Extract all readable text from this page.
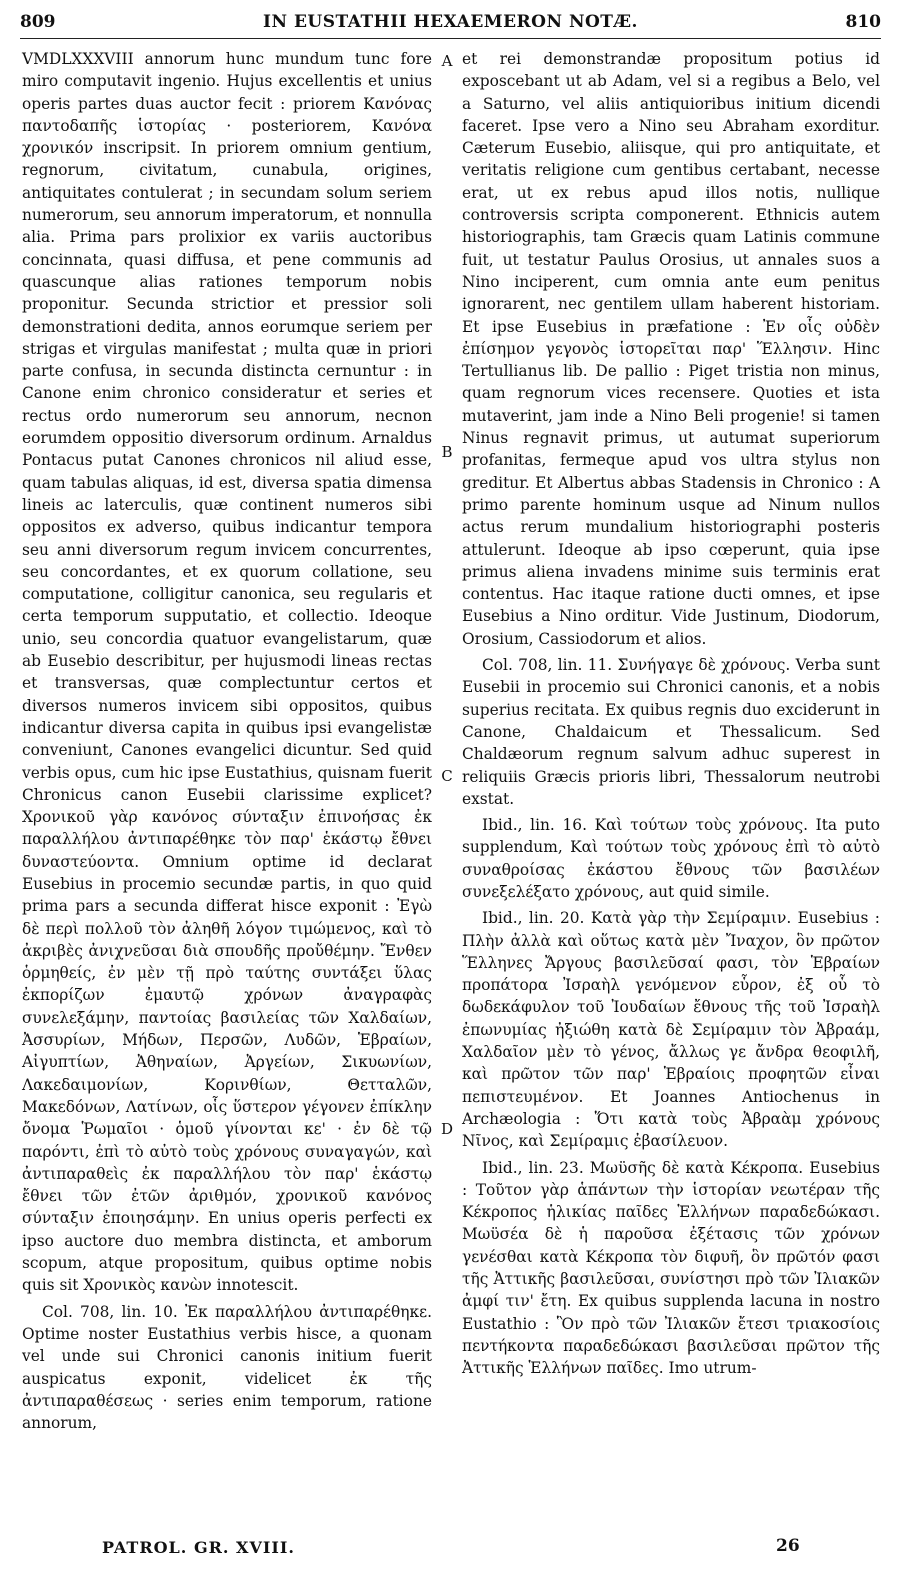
809	IN EUSTATHII HEXAEMERON NOTÆ.	810

VMDLXXXVIII annorum hunc mundum tunc fore miro computavit ingenio. Hujus excellentis et unius operis partes duas auctor fecit : priorem Κανόνας παντοδαπῆς ἱστορίας · posteriorem, Κανόνα χρονικόν inscripsit. In priorem omnium gentium, regnorum, civitatum, cunabula, origines, antiquitates contulerat ; in secundam solum seriem numerorum, seu annorum imperatorum, et nonnulla alia. Prima pars prolixior ex variis auctoribus concinnata, quasi diffusa, et pene communis ad quascunque alias rationes temporum nobis proponitur. Secunda strictior et pressior soli demonstrationi dedita, annos eorumque seriem per strigas et virgulas manifestat ; multa quæ in priori parte confusa, in secunda distincta cernuntur : in Canone enim chronico consideratur et series et rectus ordo numerorum seu annorum, necnon eorumdem oppositio diversorum ordinum. Arnaldus Pontacus putat Canones chronicos nil aliud esse, quam tabulas aliquas, id est, diversa spatia dimensa lineis ac laterculis, quæ continent numeros sibi oppositos ex adverso, quibus indicantur tempora seu anni diversorum regum invicem concurrentes, seu concordantes, et ex quorum collatione, seu computatione, colligitur canonica, seu regularis et certa temporum supputatio, et collectio. Ideoque unio, seu concordia quatuor evangelistarum, quæ ab Eusebio describitur, per hujusmodi lineas rectas et transversas, quæ complectuntur certos et diversos numeros invicem sibi oppositos, quibus indicantur diversa capita in quibus ipsi evangelistæ conveniunt, Canones evangelici dicuntur. Sed quid verbis opus, cum hic ipse Eustathius, quisnam fuerit Chronicus canon Eusebii clarissime explicet? Χρονικοῦ γὰρ κανόνος σύνταξιν ἐπινοήσας ἐκ παραλλήλου ἀντιπαρέθηκε τὸν παρ' ἑκάστῳ ἔθνει δυναστεύοντα. Omnium optime id declarat Eusebius in procemio secundæ partis, in quo quid prima pars a secunda differat hisce exponit : Ἐγὼ δὲ περὶ πολλοῦ τὸν ἀληθῆ λόγον τιμώμενος, καὶ τὸ ἀκριβὲς ἀνιχνεῦσαι διὰ σπουδῆς προὔθέμην. Ἔνθεν ὁρμηθείς, ἐν μὲν τῇ πρὸ ταύτης συντάξει ὕλας ἐκπορίζων ἐμαυτῷ χρόνων ἀναγραφὰς συνελεξάμην, παντοίας βασιλείας τῶν Χαλδαίων, Ἀσσυρίων, Μήδων, Περσῶν, Λυδῶν, Ἑβραίων, Αἰγυπτίων, Ἀθηναίων, Ἀργείων, Σικυωνίων, Λακεδαιμονίων, Κορινθίων, Θετταλῶν, Μακεδόνων, Λατίνων, οἷς ὕστερον γέγονεν ἐπίκλην ὄνομα Ῥωμαῖοι · ὁμοῦ γίνονται κε' · ἐν δὲ τῷ παρόντι, ἐπὶ τὸ αὐτὸ τοὺς χρόνους συναγαγών, καὶ ἀντιπαραθεὶς ἐκ παραλλήλου τὸν παρ' ἑκάστῳ ἔθνει τῶν ἐτῶν ἀριθμόν, χρονικοῦ κανόνος σύνταξιν ἐποιησάμην. En unius operis perfecti ex ipso auctore duo membra distincta, et amborum scopum, atque propositum, quibus optime nobis quis sit Χρονικὸς κανὼν innotescit.

Col. 708, lin. 10. Ἐκ παραλλήλου ἀντιπαρέθηκε. Optime noster Eustathius verbis hisce, a quonam vel unde sui Chronici canonis initium fuerit auspicatus exponit, videlicet ἐκ τῆς ἀντιπαραθέσεως · series enim temporum, ratione annorum,

A
B
C
D

et rei demonstrandæ propositum potius id exposcebant ut ab Adam, vel si a regibus a Belo, vel a Saturno, vel aliis antiquioribus initium dicendi faceret. Ipse vero a Nino seu Abraham exorditur. Cæterum Eusebio, aliisque, qui pro antiquitate, et veritatis religione cum gentibus certabant, necesse erat, ut ex rebus apud illos notis, nullique controversis scripta componerent. Ethnicis autem historiographis, tam Græcis quam Latinis commune fuit, ut testatur Paulus Orosius, ut annales suos a Nino inciperent, cum omnia ante eum penitus ignorarent, nec gentilem ullam haberent historiam. Et ipse Eusebius in præfatione : Ἐν οἷς οὐδὲν ἐπίσημον γεγονὸς ἱστορεῖται παρ' Ἕλλησιν. Hinc Tertullianus lib. De pallio : Piget tristia non minus, quam regnorum vices recensere. Quoties et ista mutaverint, jam inde a Nino Beli progenie! si tamen Ninus regnavit primus, ut autumat superiorum profanitas, fermeque apud vos ultra stylus non greditur. Et Albertus abbas Stadensis in Chronico : A primo parente hominum usque ad Ninum nullos actus rerum mundalium historiographi posteris attulerunt. Ideoque ab ipso cœperunt, quia ipse primus aliena invadens minime suis terminis erat contentus. Hac itaque ratione ducti omnes, et ipse Eusebius a Nino orditur. Vide Justinum, Diodorum, Orosium, Cassiodorum et alios.

Col. 708, lin. 11. Συνήγαγε δὲ χρόνους. Verba sunt Eusebii in procemio sui Chronici canonis, et a nobis superius recitata. Ex quibus regnis duo exciderunt in Canone, Chaldaicum et Thessalicum. Sed Chaldæorum regnum salvum adhuc superest in reliquiis Græcis prioris libri, Thessalorum neutrobi exstat.

Ibid., lin. 16. Καὶ τούτων τοὺς χρόνους. Ita puto supplendum, Καὶ τούτων τοὺς χρόνους ἐπὶ τὸ αὐτὸ συναθροίσας ἑκάστου ἔθνους τῶν βασιλέων συνεξελέξατο χρόνους, aut quid simile.

Ibid., lin. 20. Κατὰ γὰρ τὴν Σεμίραμιν. Eusebius : Πλὴν ἀλλὰ καὶ οὕτως κατὰ μὲν Ἴναχον, ὃν πρῶτον Ἕλληνες Ἄργους βασιλεῦσαί φασι, τὸν Ἑβραίων προπάτορα Ἰσραὴλ γενόμενον εὗρον, ἐξ οὗ τὸ δωδεκάφυλον τοῦ Ἰουδαίων ἔθνους τῆς τοῦ Ἰσραὴλ ἐπωνυμίας ἠξιώθη κατὰ δὲ Σεμίραμιν τὸν Ἀβραάμ, Χαλδαῖον μὲν τὸ γένος, ἄλλως γε ἄνδρα θεοφιλῆ, καὶ πρῶτον τῶν παρ' Ἑβραίοις προφητῶν εἶναι πεπιστευμένον. Et Joannes Antiochenus in Archæologia : Ὅτι κατὰ τοὺς Ἀβραὰμ χρόνους Νῖνος, καὶ Σεμίραμις ἐβασίλευον.

Ibid., lin. 23. Μωϋσῆς δὲ κατὰ Κέκροπα. Eusebius : Τοῦτον γὰρ ἁπάντων τὴν ἱστορίαν νεωτέραν τῆς Κέκροπος ἡλικίας παῖδες Ἑλλήνων παραδεδώκασι. Μωϋσέα δὲ ἡ παροῦσα ἐξέτασις τῶν χρόνων γενέσθαι κατὰ Κέκροπα τὸν διφυῆ, ὃν πρῶτόν φασι τῆς Ἀττικῆς βασιλεῦσαι, συνίστησι πρὸ τῶν Ἰλιακῶν ἀμφί τιν' ἔτη. Ex quibus supplenda lacuna in nostro Eustathio : Ὃν πρὸ τῶν Ἰλιακῶν ἔτεσι τριακοσίοις πεντήκοντα παραδεδώκασι βασιλεῦσαι πρῶτον τῆς Ἀττικῆς Ἑλλήνων παῖδες. Imo utrum-

PATROL. GR. XVIII.	26
